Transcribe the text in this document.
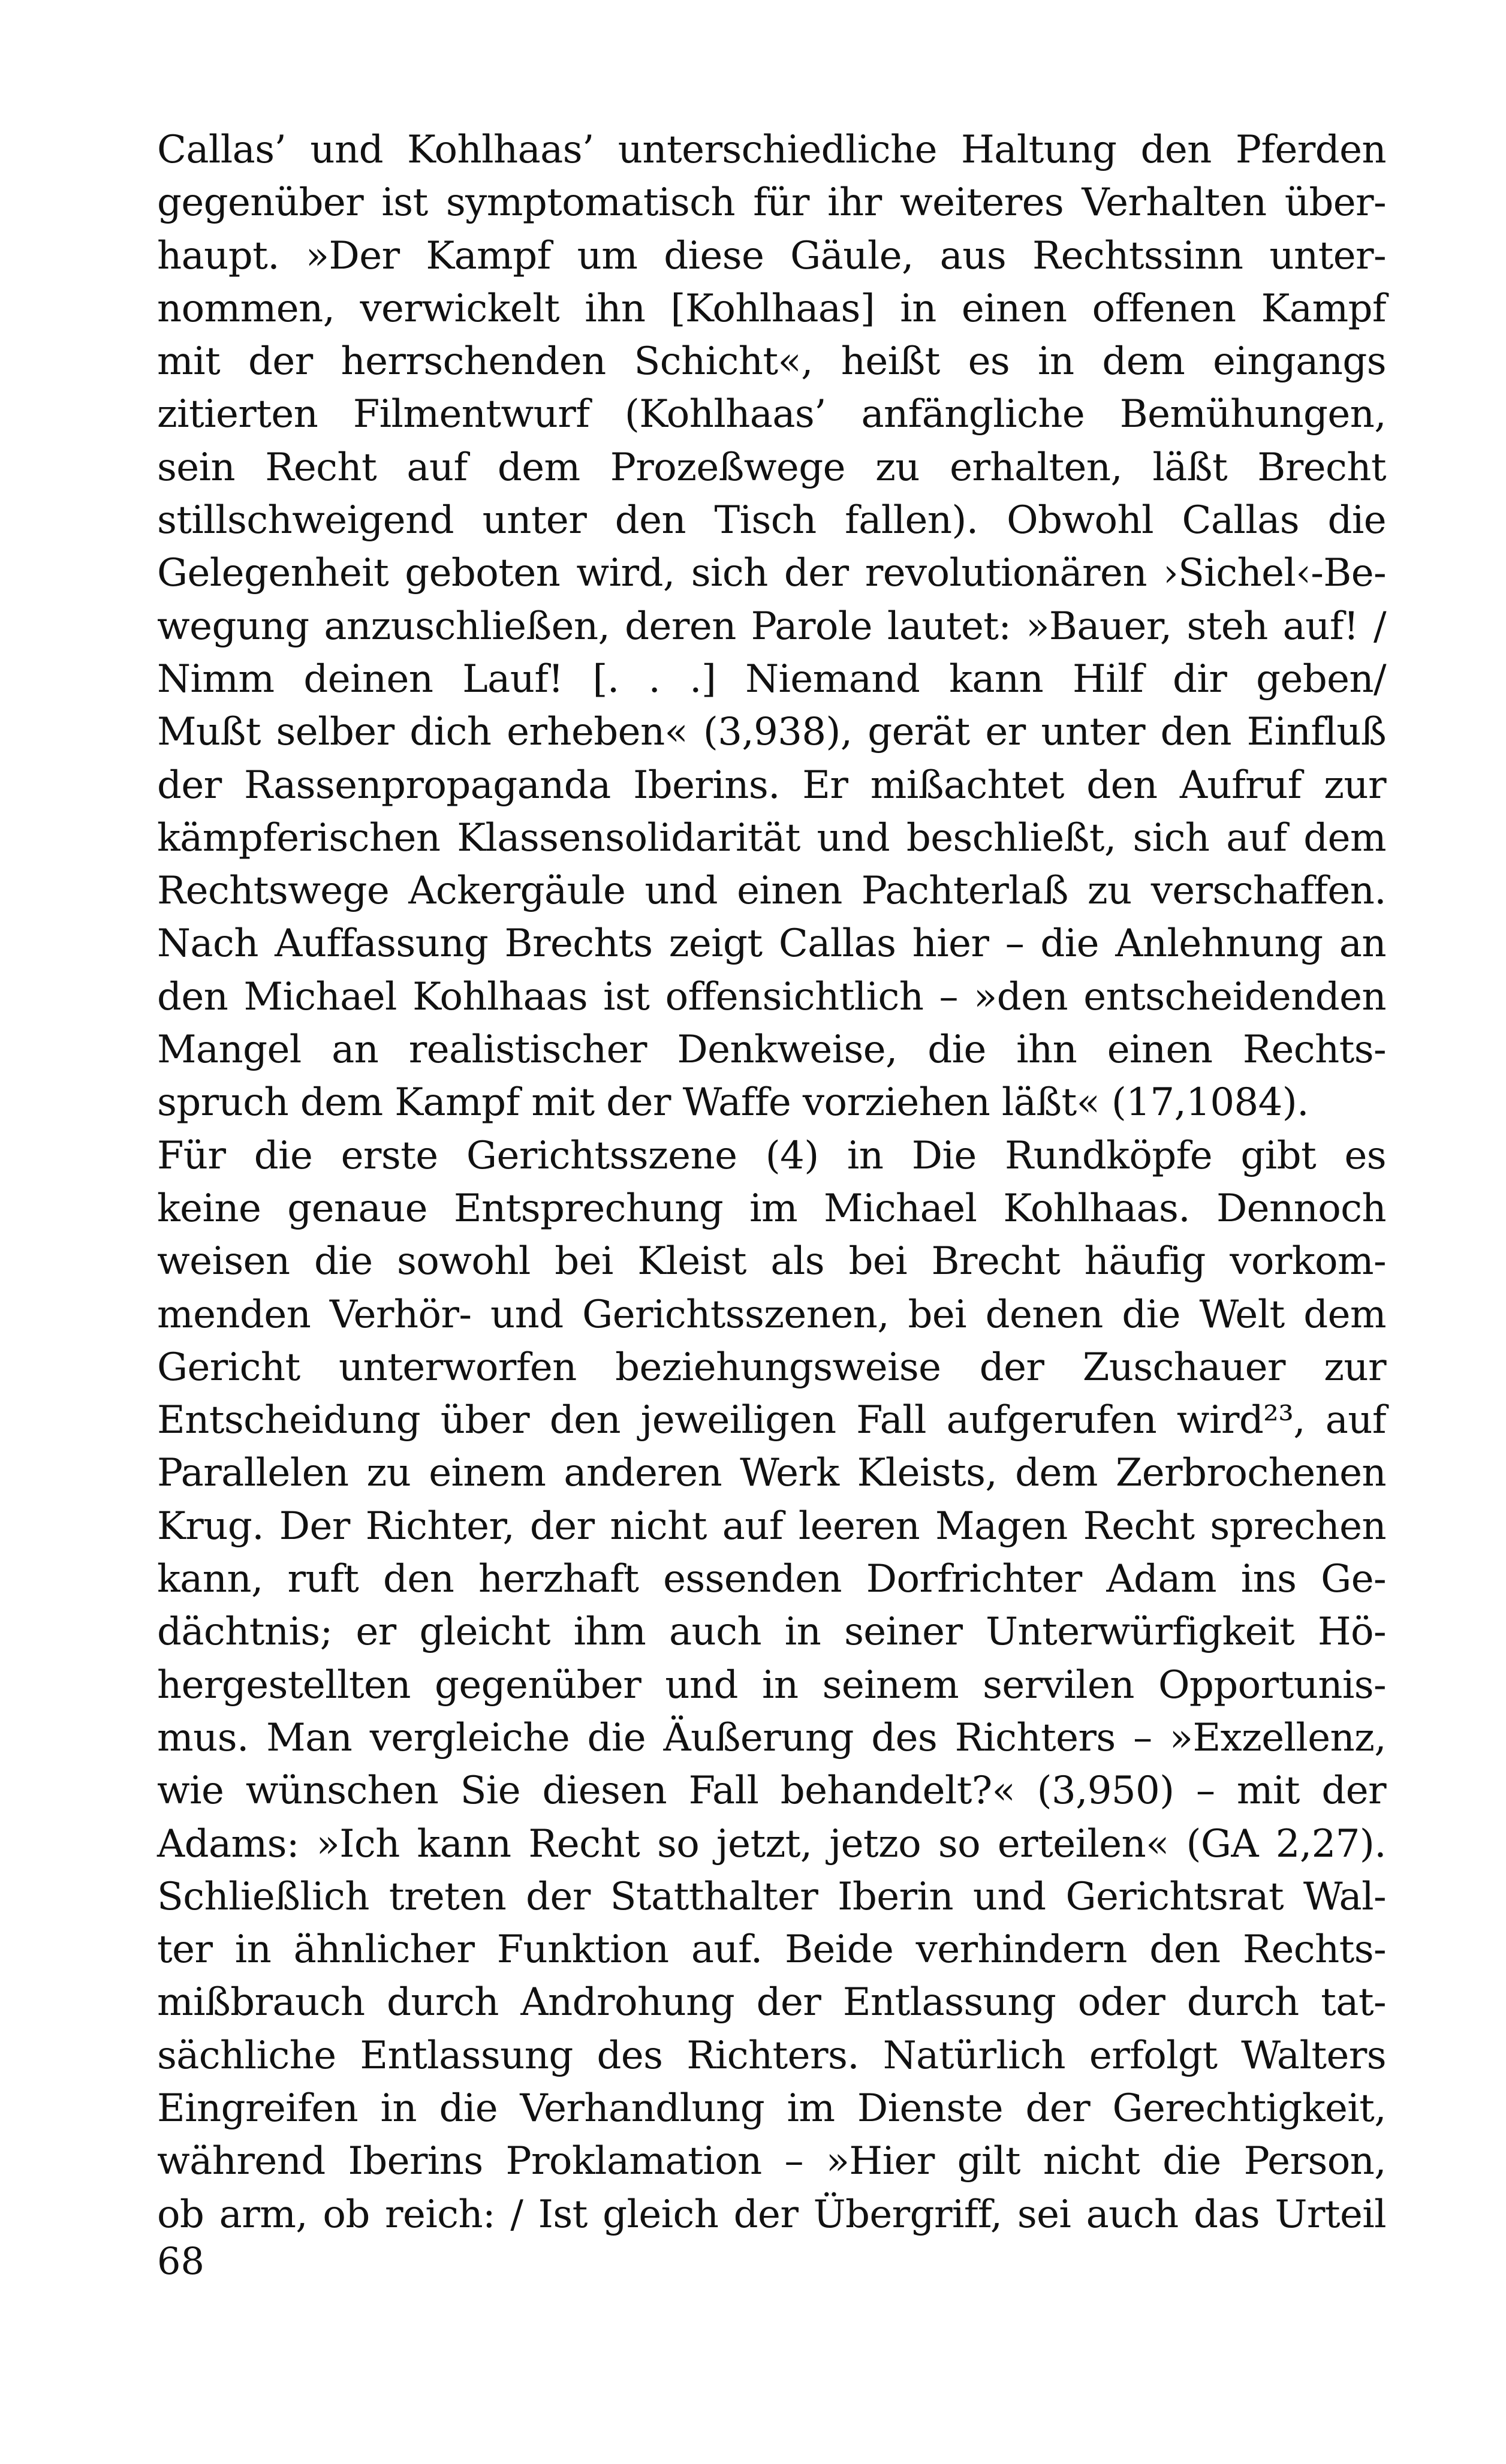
Callas’ und Kohlhaas’ unterschiedliche Haltung den Pferden
gegenüber ist symptomatisch für ihr weiteres Verhalten über-
haupt. »Der Kampf um diese Gäule, aus Rechtssinn unter-
nommen, verwickelt ihn [Kohlhaas] in einen offenen Kampf
mit der herrschenden Schicht«, heißt es in dem eingangs
zitierten Filmentwurf (Kohlhaas’ anfängliche Bemühungen,
sein Recht auf dem Prozeßwege zu erhalten, läßt Brecht
stillschweigend unter den Tisch fallen). Obwohl Callas die
Gelegenheit geboten wird, sich der revolutionären ›Sichel‹-Be-
wegung anzuschließen, deren Parole lautet: »Bauer, steh auf! /
Nimm deinen Lauf! [. . .] Niemand kann Hilf dir geben/
Mußt selber dich erheben« (3,938), gerät er unter den Einfluß
der Rassenpropaganda Iberins. Er mißachtet den Aufruf zur
kämpferischen Klassensolidarität und beschließt, sich auf dem
Rechtswege Ackergäule und einen Pachterlaß zu verschaffen.
Nach Auffassung Brechts zeigt Callas hier – die Anlehnung an
den Michael Kohlhaas ist offensichtlich – »den entscheidenden
Mangel an realistischer Denkweise, die ihn einen Rechts-
spruch dem Kampf mit der Waffe vorziehen läßt« (17,1084).
Für die erste Gerichtsszene (4) in Die Rundköpfe gibt es
keine genaue Entsprechung im Michael Kohlhaas. Dennoch
weisen die sowohl bei Kleist als bei Brecht häufig vorkom-
menden Verhör- und Gerichtsszenen, bei denen die Welt dem
Gericht unterworfen beziehungsweise der Zuschauer zur
Entscheidung über den jeweiligen Fall aufgerufen wird²³, auf
Parallelen zu einem anderen Werk Kleists, dem Zerbrochenen
Krug. Der Richter, der nicht auf leeren Magen Recht sprechen
kann, ruft den herzhaft essenden Dorfrichter Adam ins Ge-
dächtnis; er gleicht ihm auch in seiner Unterwürfigkeit Hö-
hergestellten gegenüber und in seinem servilen Opportunis-
mus. Man vergleiche die Äußerung des Richters – »Exzellenz,
wie wünschen Sie diesen Fall behandelt?« (3,950) – mit der
Adams: »Ich kann Recht so jetzt, jetzo so erteilen« (GA 2,27).
Schließlich treten der Statthalter Iberin und Gerichtsrat Wal-
ter in ähnlicher Funktion auf. Beide verhindern den Rechts-
mißbrauch durch Androhung der Entlassung oder durch tat-
sächliche Entlassung des Richters. Natürlich erfolgt Walters
Eingreifen in die Verhandlung im Dienste der Gerechtigkeit,
während Iberins Proklamation – »Hier gilt nicht die Person,
ob arm, ob reich: / Ist gleich der Übergriff, sei auch das Urteil
68
